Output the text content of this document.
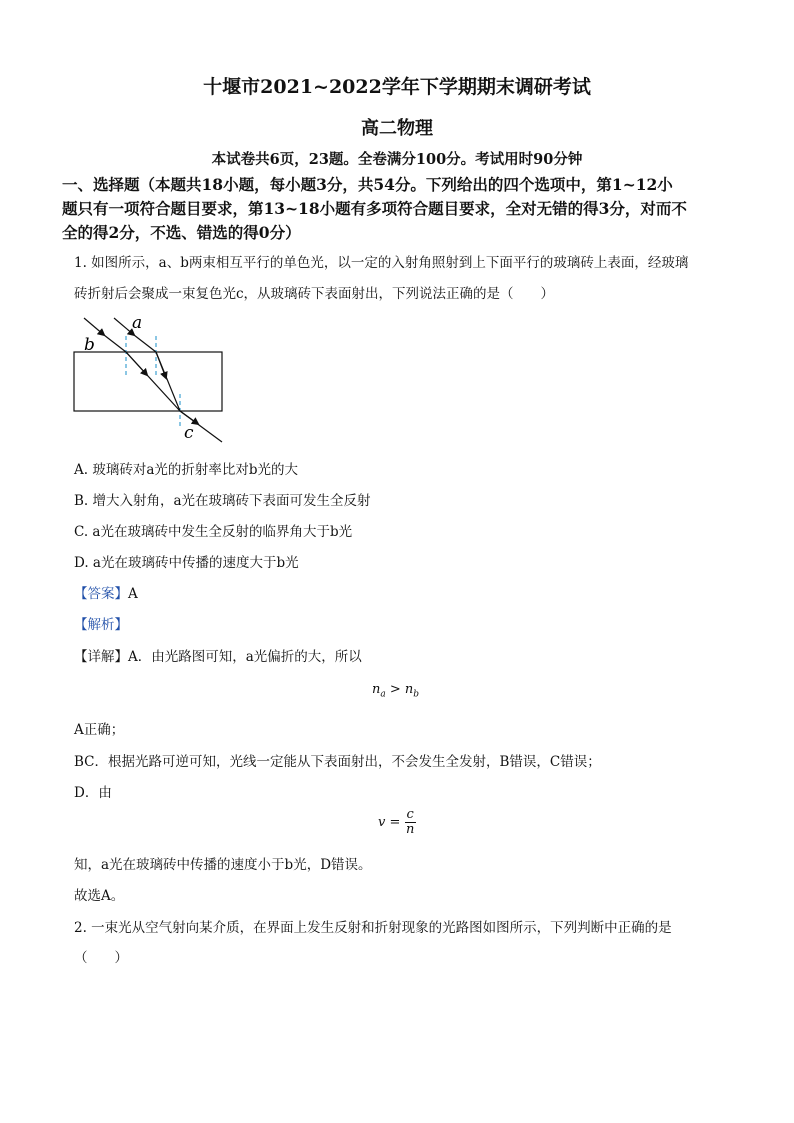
十堰市2021~2022学年下学期期末调研考试
高二物理
本试卷共6页，23题。全卷满分100分。考试用时90分钟
一、选择题（本题共18小题，每小题3分，共54分。下列给出的四个选项中，第1~12小
题只有一项符合题目要求，第13~18小题有多项符合题目要求，全对无错的得3分，对而不
全的得2分，不选、错选的得0分）
1. 如图所示，a、b两束相互平行的单色光，以一定的入射角照射到上下面平行的玻璃砖上表面，经玻璃
砖折射后会聚成一束复色光c，从玻璃砖下表面射出，下列说法正确的是（　　）
a
b
c
A. 玻璃砖对a光的折射率比对b光的大
B. 增大入射角，a光在玻璃砖下表面可发生全反射
C. a光在玻璃砖中发生全反射的临界角大于b光
D. a光在玻璃砖中传播的速度大于b光
【答案】A
【解析】
【详解】A．由光路图可知，a光偏折的大，所以
$n_a > n_b$
A正确；
BC．根据光路可逆可知，光线一定能从下表面射出，不会发生全发射，B错误，C错误；
D．由
$v = \frac{c}{n}$
知，a光在玻璃砖中传播的速度小于b光，D错误。
故选A。
2. 一束光从空气射向某介质，在界面上发生反射和折射现象的光路图如图所示，下列判断中正确的是
（　　）
